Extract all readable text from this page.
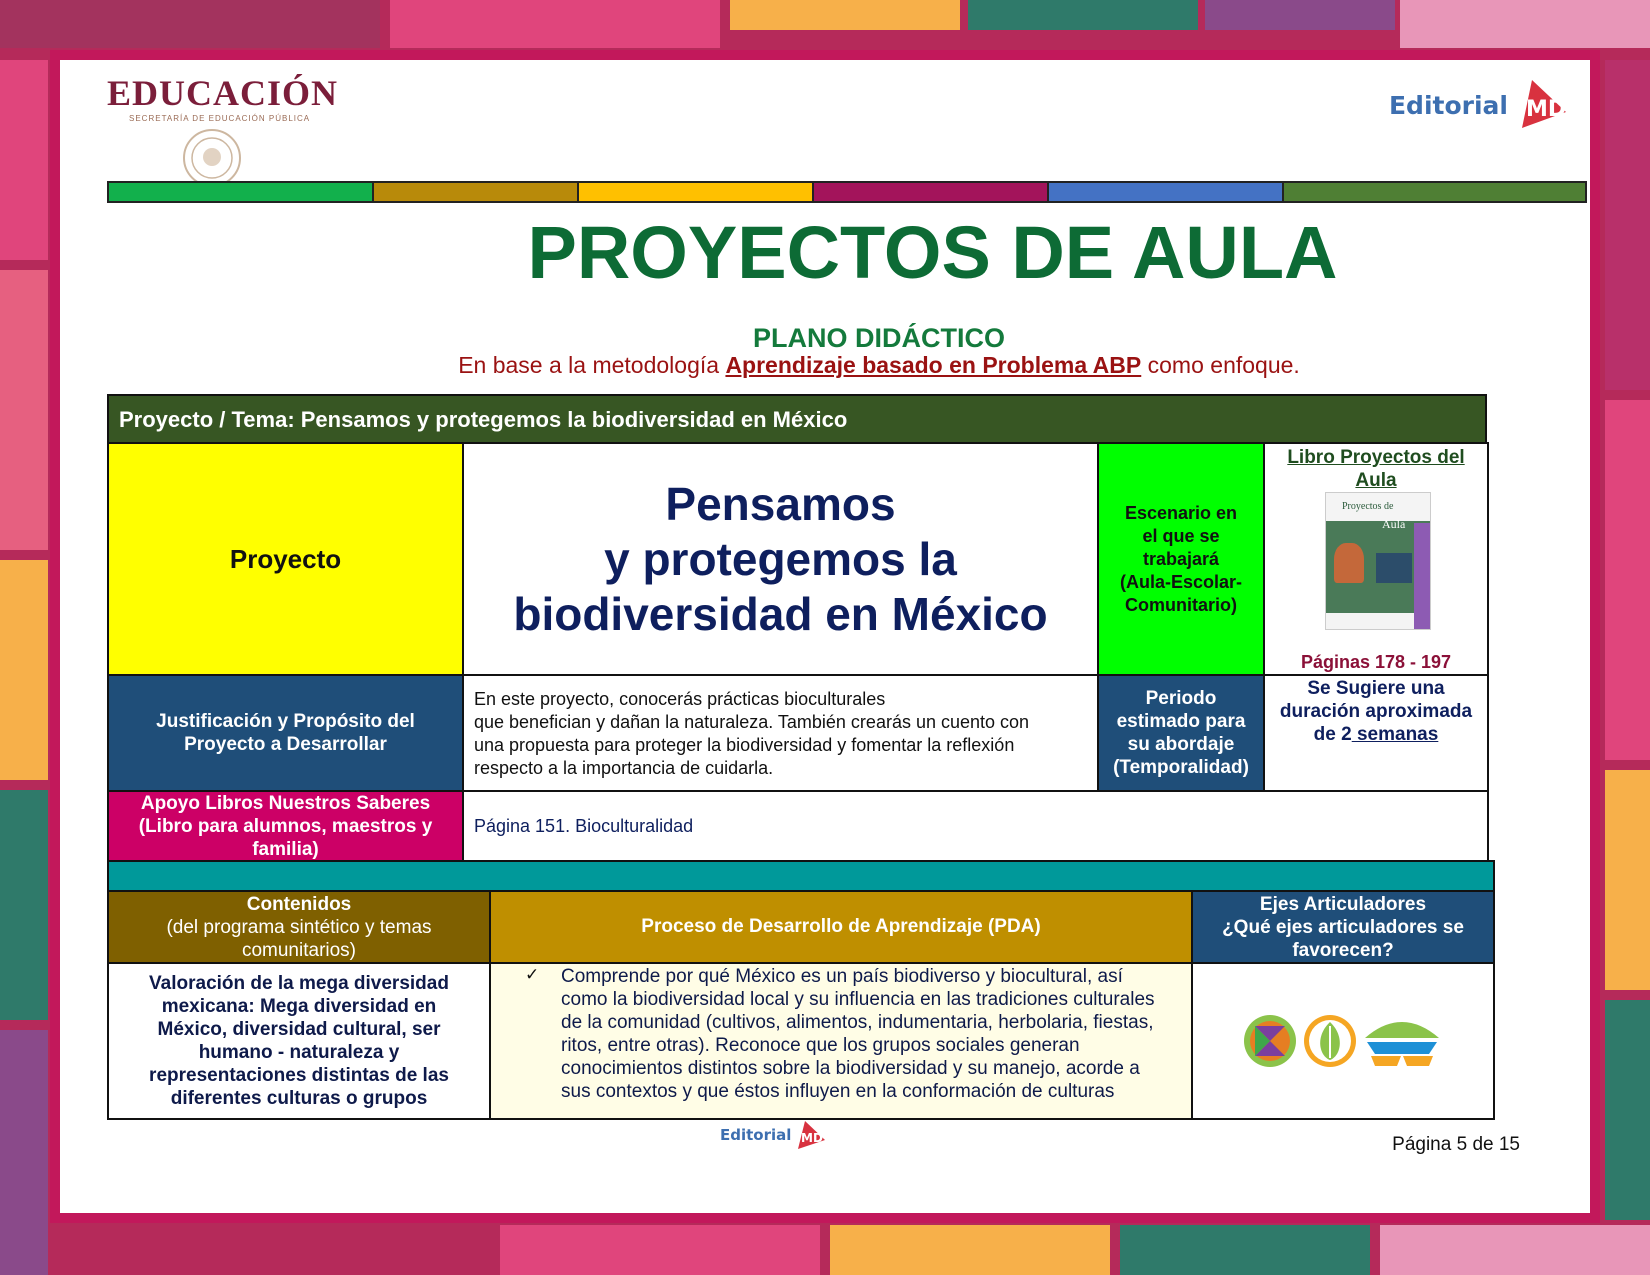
EDUCACIÓN
SECRETARÍA DE EDUCACIÓN PÚBLICA	Editorial MD
PROYECTOS DE AULA
PLANO DIDÁCTICO
En base a la metodología Aprendizaje basado en Problema ABP como enfoque.
Proyecto / Tema: Pensamos y protegemos la biodiversidad en México
Proyecto
Pensamos
y protegemos la
biodiversidad en México
Escenario en
el que se
trabajará
(Aula-Escolar-
Comunitario)
Libro Proyectos del
Aula
Proyectos de
Aula
Páginas 178 - 197
Justificación y Propósito del
Proyecto a Desarrollar
En este proyecto, conocerás prácticas bioculturales
que benefician y dañan la naturaleza. También crearás un cuento con
una propuesta para proteger la biodiversidad y fomentar la reflexión
respecto a la importancia de cuidarla.
Periodo
estimado para
su abordaje
(Temporalidad)
Se Sugiere una
duración aproximada
de 2 semanas
Apoyo Libros Nuestros Saberes
(Libro para alumnos, maestros y
familia)
Página 151. Bioculturalidad
Contenidos
(del programa sintético y temas
comunitarios)
Proceso de Desarrollo de Aprendizaje (PDA)
Ejes Articuladores
¿Qué ejes articuladores se
favorecen?
Valoración de la mega diversidad
mexicana: Mega diversidad en
México, diversidad cultural, ser
humano - naturaleza y
representaciones distintas de las
diferentes culturas o grupos
✓ Comprende por qué México es un país biodiverso y biocultural, así
como la biodiversidad local y su influencia en las tradiciones culturales
de la comunidad (cultivos, alimentos, indumentaria, herbolaria, fiestas,
ritos, entre otras). Reconoce que los grupos sociales generan
conocimientos distintos sobre la biodiversidad y su manejo, acorde a
sus contextos y que éstos influyen en la conformación de culturas
Editorial MD	Página 5 de 15
